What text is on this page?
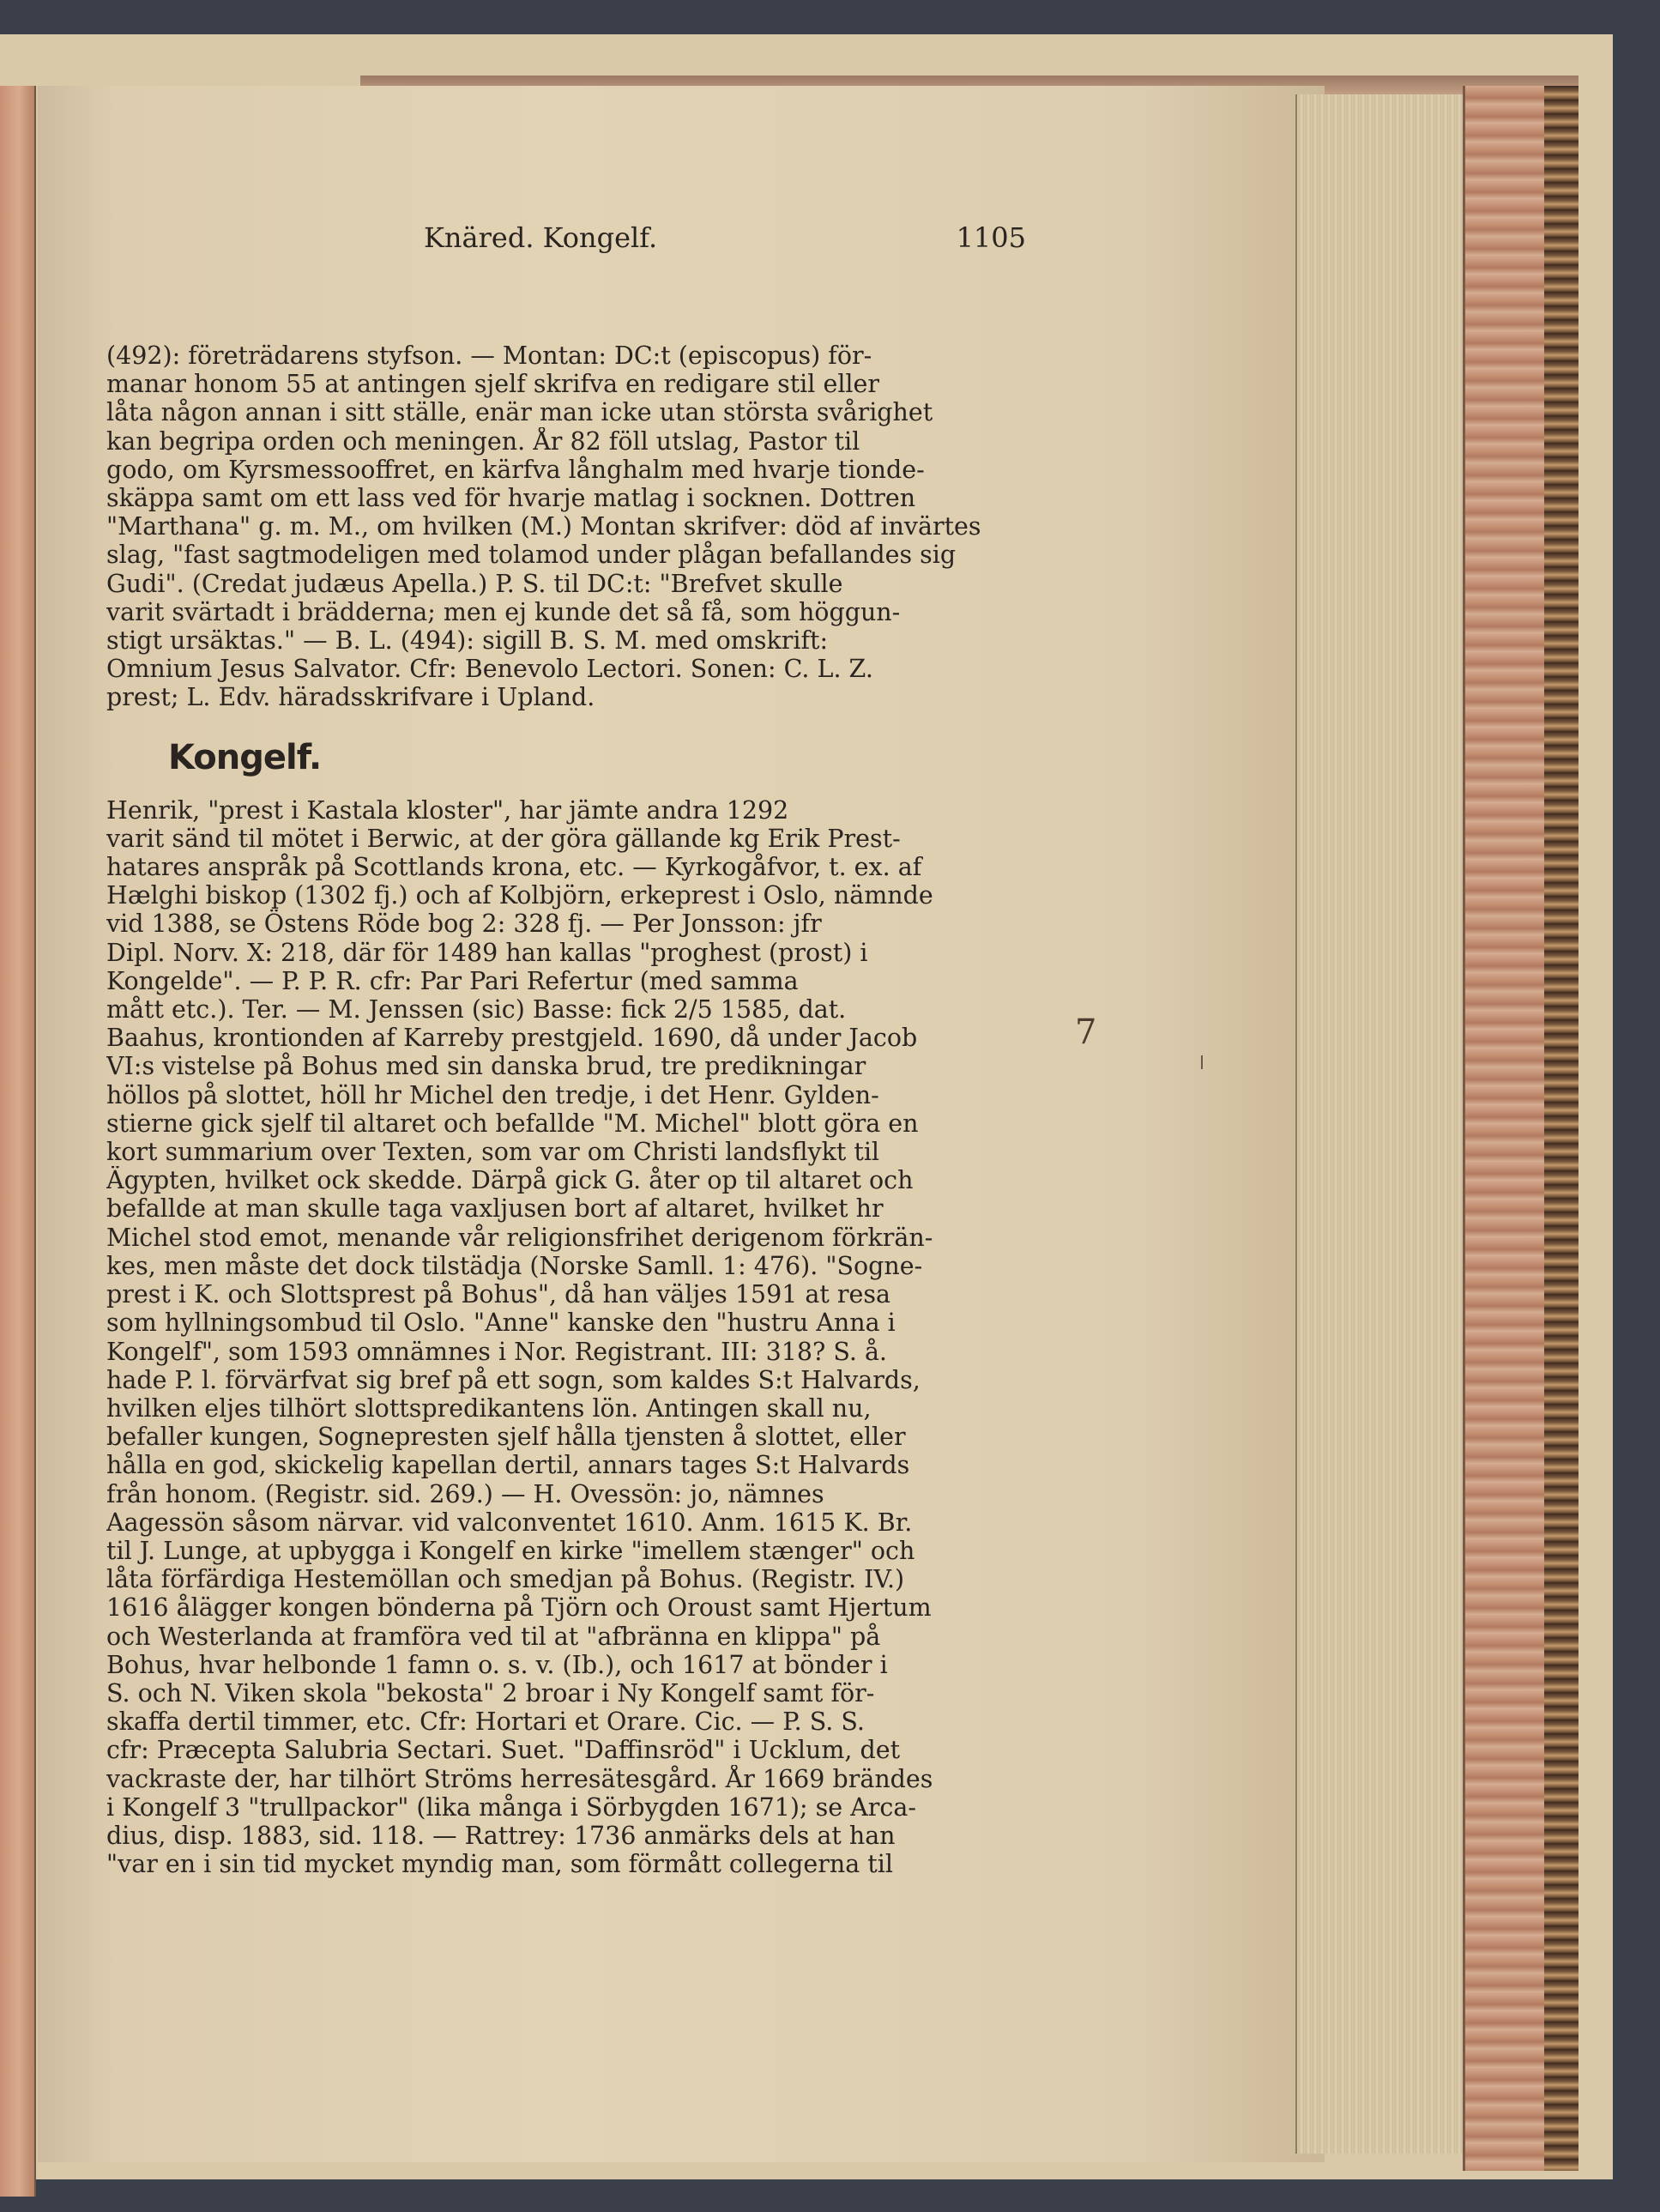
Knäred. Kongelf.	1105

(492): företrädarens styfson. — Montan: DC:t (episcopus) för-
manar honom 55 at antingen sjelf skrifva en redigare stil eller
låta någon annan i sitt ställe, enär man icke utan största svårighet
kan begripa orden och meningen. År 82 föll utslag, Pastor til
godo, om Kyrsmessooffret, en kärfva långhalm med hvarje tionde-
skäppa samt om ett lass ved för hvarje matlag i socknen. Dottren
"Marthana" g. m. M., om hvilken (M.) Montan skrifver: död af invärtes
slag, "fast sagtmodeligen med tolamod under plågan befallandes sig
Gudi". (Credat judæus Apella.) P. S. til DC:t: "Brefvet skulle
varit svärtadt i brädderna; men ej kunde det så få, som höggun-
stigt ursäktas." — B. L. (494): sigill B. S. M. med omskrift:
Omnium Jesus Salvator. Cfr: Benevolo Lectori. Sonen: C. L. Z.
prest; L. Edv. häradsskrifvare i Upland.

Kongelf.

Henrik, "prest i Kastala kloster", har jämte andra 1292
varit sänd til mötet i Berwic, at der göra gällande kg Erik Prest-
hatares anspråk på Scottlands krona, etc. — Kyrkogåfvor, t. ex. af
Hælghi biskop (1302 fj.) och af Kolbjörn, erkeprest i Oslo, nämnde
vid 1388, se Östens Röde bog 2: 328 fj. — Per Jonsson: jfr
Dipl. Norv. X: 218, där för 1489 han kallas "proghest (prost) i
Kongelde". — P. P. R. cfr: Par Pari Refertur (med samma
mått etc.). Ter. — M. Jenssen (sic) Basse: fick 2/5 1585, dat.
Baahus, krontionden af Karreby prestgjeld. 1690, då under Jacob
VI:s vistelse på Bohus med sin danska brud, tre predikningar
höllos på slottet, höll hr Michel den tredje, i det Henr. Gylden-
stierne gick sjelf til altaret och befallde "M. Michel" blott göra en
kort summarium over Texten, som var om Christi landsflykt til
Ägypten, hvilket ock skedde. Därpå gick G. åter op til altaret och
befallde at man skulle taga vaxljusen bort af altaret, hvilket hr
Michel stod emot, menande vår religionsfrihet derigenom förkrän-
kes, men måste det dock tilstädja (Norske Samll. 1: 476). "Sogne-
prest i K. och Slottsprest på Bohus", då han väljes 1591 at resa
som hyllningsombud til Oslo. "Anne" kanske den "hustru Anna i
Kongelf", som 1593 omnämnes i Nor. Registrant. III: 318? S. å.
hade P. l. förvärfvat sig bref på ett sogn, som kaldes S:t Halvards,
hvilken eljes tilhört slottspredikantens lön. Antingen skall nu,
befaller kungen, Sognepresten sjelf hålla tjensten å slottet, eller
hålla en god, skickelig kapellan dertil, annars tages S:t Halvards
från honom. (Registr. sid. 269.) — H. Ovessön: jo, nämnes
Aagessön såsom närvar. vid valconventet 1610. Anm. 1615 K. Br.
til J. Lunge, at upbygga i Kongelf en kirke "imellem stænger" och
låta förfärdiga Hestemöllan och smedjan på Bohus. (Registr. IV.)
1616 ålägger kongen bönderna på Tjörn och Oroust samt Hjertum
och Westerlanda at framföra ved til at "afbränna en klippa" på
Bohus, hvar helbonde 1 famn o. s. v. (Ib.), och 1617 at bönder i
S. och N. Viken skola "bekosta" 2 broar i Ny Kongelf samt för-
skaffa dertil timmer, etc. Cfr: Hortari et Orare. Cic. — P. S. S.
cfr: Præcepta Salubria Sectari. Suet. "Daffinsröd" i Ucklum, det
vackraste der, har tilhört Ströms herresätesgård. År 1669 brändes
i Kongelf 3 "trullpackor" (lika många i Sörbygden 1671); se Arca-
dius, disp. 1883, sid. 118. — Rattrey: 1736 anmärks dels at han
"var en i sin tid mycket myndig man, som förmått collegerna til

7
